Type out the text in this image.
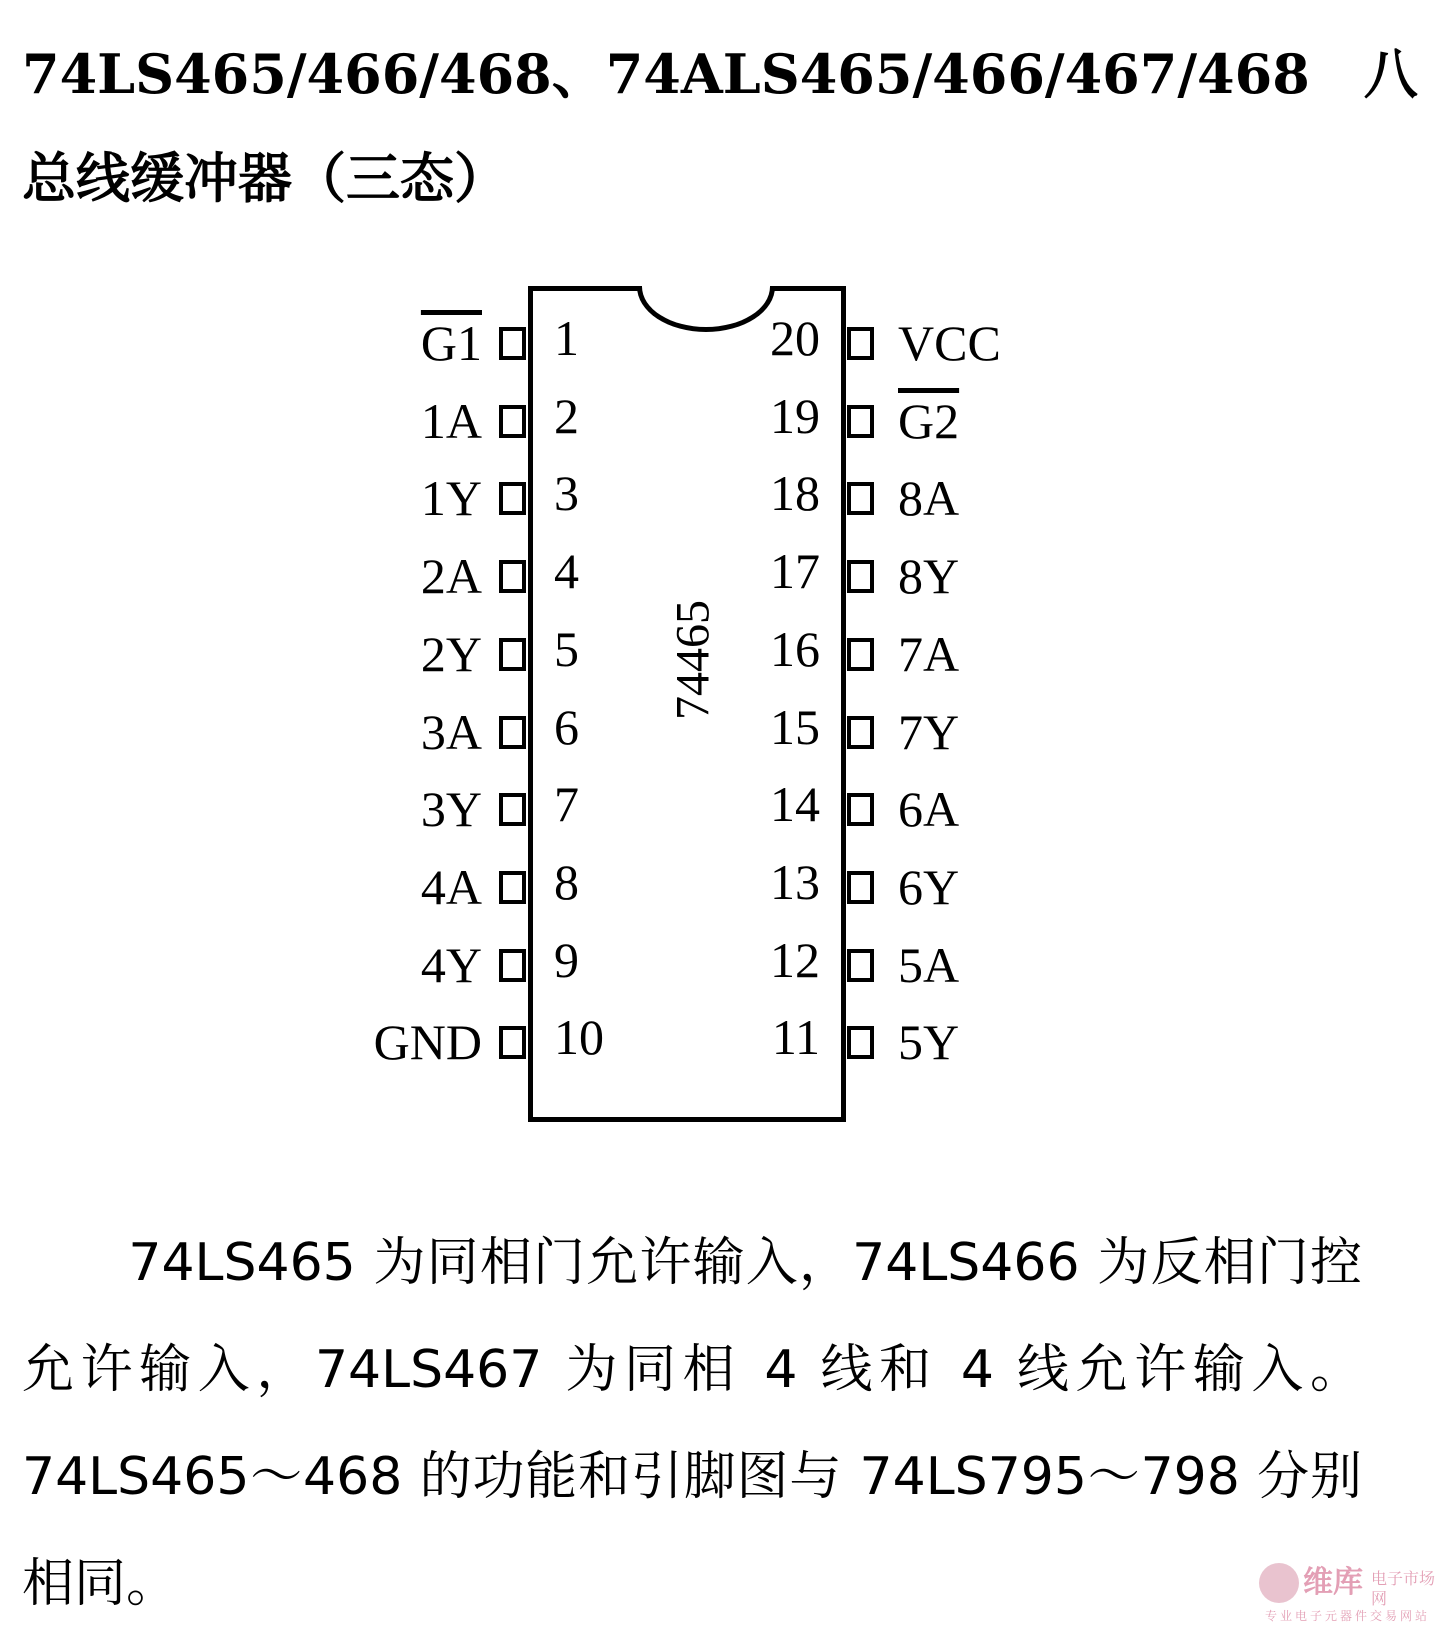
74LS465/466/468、74ALS465/466/467/468　八总线缓冲器（三态）
74465
G1 1
1A 2
1Y 3
2A 4
2Y 5
3A 6
3Y 7
4A 8
4Y 9
GND 10
VCC
20
G2
19
8A
18
8Y
17
7A
16
7Y
15
6A
14
6Y
13
5A
12
5Y
11
　　74LS465 为同相门允许输入，74LS466 为反相门控允许输入，74LS467 为同相 4 线和 4 线允许输入。74LS465～468 的功能和引脚图与 74LS795～798 分别相同。	维库 电子市场网
专业电子元器件交易网站
